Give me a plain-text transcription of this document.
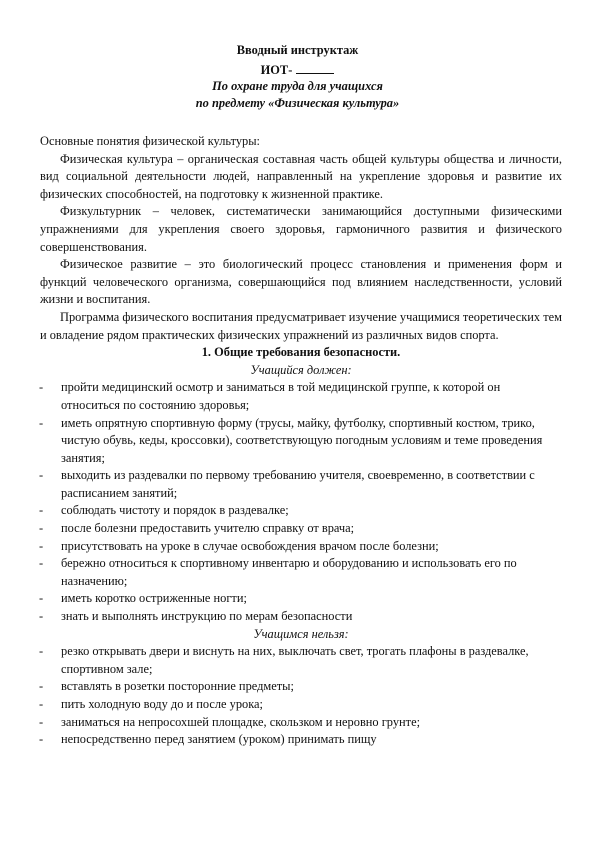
Вводный инструктаж
ИОТ-
По охране труда для учащихся
по предмету «Физическая культура»

Основные понятия физической культуры:

Физическая культура – органическая составная часть общей культуры общества и личности, вид социальной деятельности людей, направленный на укрепление здоровья и развитие их физических способностей, на подготовку к жизненной практике.

Физкультурник – человек, систематически занимающийся доступными физическими упражнениями для укрепления своего здоровья, гармоничного развития и физического совершенствования.

Физическое развитие – это биологический процесс становления и применения форм и функций человеческого организма, совершающийся под влиянием наследственности, условий жизни и воспитания.

Программа физического воспитания предусматривает изучение учащимися теоретических тем и овладение рядом практических физических упражнений из различных видов спорта.

1. Общие требования безопасности.

Учащийся должен:

- пройти медицинский осмотр и заниматься в той медицинской группе, к которой он относиться по состоянию здоровья;
- иметь опрятную спортивную форму (трусы, майку, футболку, спортивный костюм, трико, чистую обувь, кеды, кроссовки), соответствующую погодным условиям и теме проведения занятия;
- выходить из раздевалки по первому требованию учителя, своевременно, в соответствии с расписанием занятий;
- соблюдать чистоту и порядок в раздевалке;
- после болезни предоставить учителю справку от врача;
- присутствовать на уроке в случае освобождения врачом после болезни;
- бережно относиться к спортивному инвентарю и оборудованию и использовать его по назначению;
- иметь коротко остриженные ногти;
- знать и выполнять инструкцию по мерам безопасности

Учащимся нельзя:

- резко открывать двери и виснуть на них, выключать свет, трогать плафоны в раздевалке, спортивном зале;
- вставлять в розетки посторонние предметы;
- пить холодную воду до и после урока;
- заниматься на непросохшей площадке, скользком и неровно грунте;
- непосредственно перед занятием (уроком) принимать пищу
